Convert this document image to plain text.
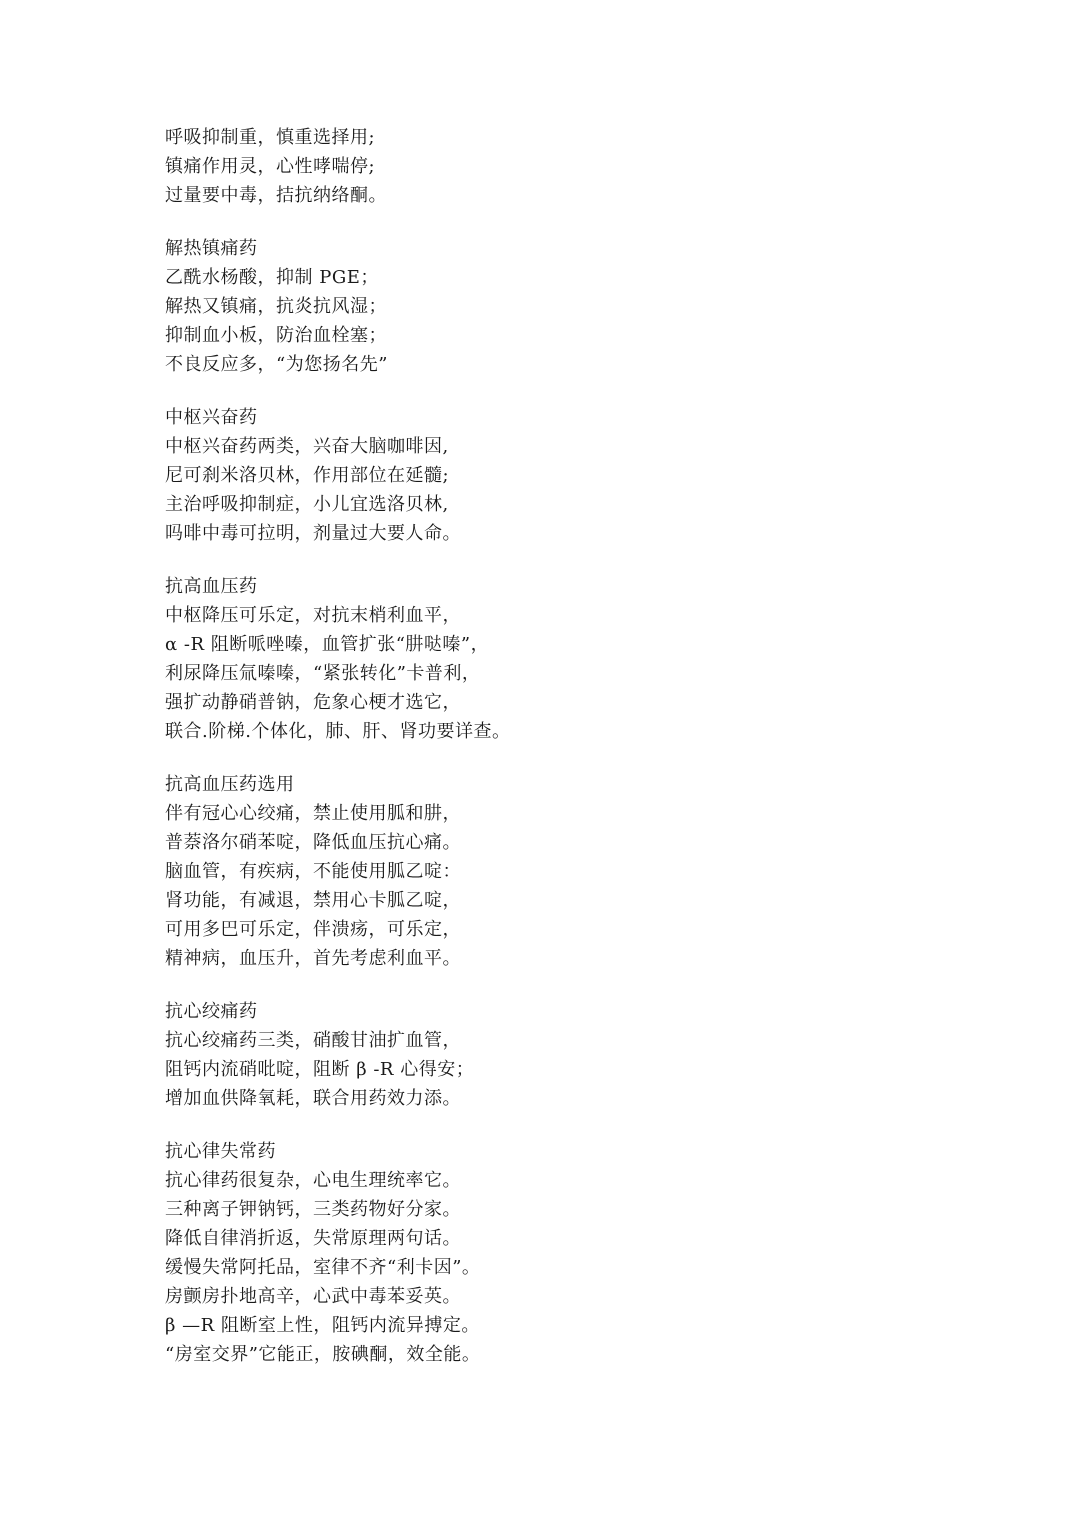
呼吸抑制重，慎重选择用;
镇痛作用灵，心性哮喘停;
过量要中毒，拮抗纳络酮。
解热镇痛药
乙酰水杨酸，抑制 PGE；
解热又镇痛，抗炎抗风湿；
抑制血小板，防治血栓塞；
不良反应多，“为您扬名先”
中枢兴奋药
中枢兴奋药两类，兴奋大脑咖啡因,
尼可刹米洛贝林，作用部位在延髓;
主治呼吸抑制症，小儿宜选洛贝林,
吗啡中毒可拉明，剂量过大要人命。
抗高血压药
中枢降压可乐定，对抗末梢利血平，
α -R 阻断哌唑嗪，血管扩张“肼哒嗪”，
利尿降压氚嗪嗪，“紧张转化”卡普利，
强扩动静硝普钠，危象心梗才选它，
联合.阶梯.个体化，肺、肝、肾功要详查。
抗高血压药选用
伴有冠心心绞痛，禁止使用胍和肼，
普萘洛尔硝苯啶，降低血压抗心痛。
脑血管，有疾病，不能使用胍乙啶：
肾功能，有减退，禁用心卡胍乙啶，
可用多巴可乐定，伴溃疡，可乐定，
精神病，血压升，首先考虑利血平。
抗心绞痛药
抗心绞痛药三类，硝酸甘油扩血管，
阻钙内流硝吡啶，阻断 β -R 心得安；
增加血供降氧耗，联合用药效力添。
抗心律失常药
抗心律药很复杂，心电生理统率它。
三种离子钾钠钙，三类药物好分家。
降低自律消折返，失常原理两句话。
缓慢失常阿托品，室律不齐“利卡因”。
房颤房扑地高辛，心武中毒苯妥英。
β —R 阻断室上性，阻钙内流异搏定。
“房室交界”它能正，胺碘酮，效全能。
